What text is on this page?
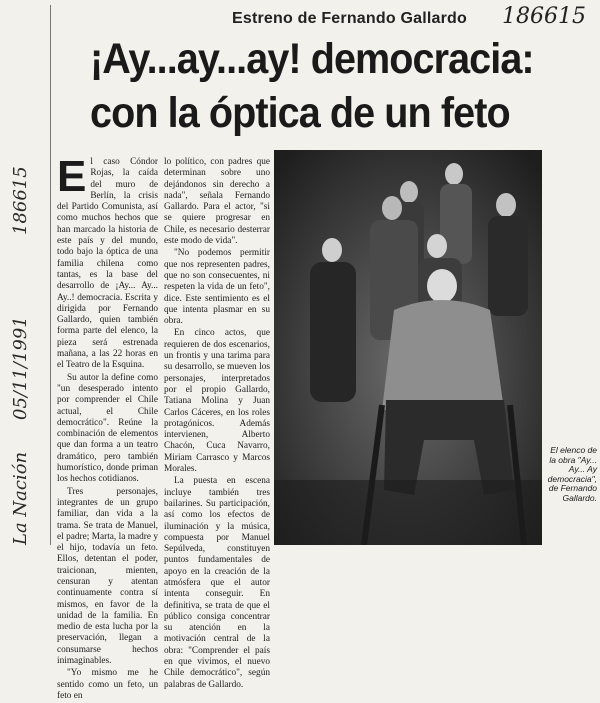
186615
La Nación
05/11/1991
186615
Estreno de Fernando Gallardo
¡Ay...ay...ay! democracia:
con la óptica de un feto

El caso Cóndor Rojas, la caída del muro de Berlín, la crisis del Partido Comunista, así como muchos hechos que han marcado la historia de este país y del mundo, todo bajo la óptica de una familia chilena como tantas, es la base del desarrollo de ¡Ay... Ay... Ay..! democracia. Escrita y dirigida por Fernando Gallardo, quien también forma parte del elenco, la pieza será estrenada mañana, a las 22 horas en el Teatro de la Esquina.

Su autor la define como "un desesperado intento por comprender el Chile actual, el Chile democrático". Reúne la combinación de elementos que dan forma a un teatro dramático, pero también humorístico, donde priman los hechos cotidianos.

Tres personajes, integrantes de un grupo familiar, dan vida a la trama. Se trata de Manuel, el padre; Marta, la madre y el hijo, todavía un feto. Ellos, detentan el poder, traicionan, mienten, censuran y atentan continuamente contra sí mismos, en favor de la unidad de la familia. En medio de esta lucha por la preservación, llegan a consumarse hechos inimaginables.

"Yo mismo me he sentido como un feto, un feto en

lo político, con padres que determinan sobre uno dejándonos sin derecho a nada", señala Fernando Gallardo. Para el actor, "si se quiere progresar en Chile, es necesario desterrar este modo de vida".

"No podemos permitir que nos representen padres, que no son consecuentes, ni respeten la vida de un feto", dice. Este sentimiento es el que intenta plasmar en su obra.

En cinco actos, que requieren de dos escenarios, un frontis y una tarima para su desarrollo, se mueven los personajes, interpretados por el propio Gallardo, Tatiana Molina y Juan Carlos Cáceres, en los roles protagónicos. Además intervienen, Alberto Chacón, Cuca Navarro, Miriam Carrasco y Marcos Morales.

La puesta en escena incluye también tres bailarines. Su participación, así como los efectos de iluminación y la música, compuesta por Manuel Sepúlveda, constituyen puntos fundamentales de apoyo en la creación de la atmósfera que el autor intenta conseguir. En definitiva, se trata de que el público consiga concentrar su atención en la motivación central de la obra: "Comprender el país en que vivimos, el nuevo Chile democrático", según palabras de Gallardo.

El elenco de la obra "Ay... Ay... Ay democracia", de Fernando Gallardo.
